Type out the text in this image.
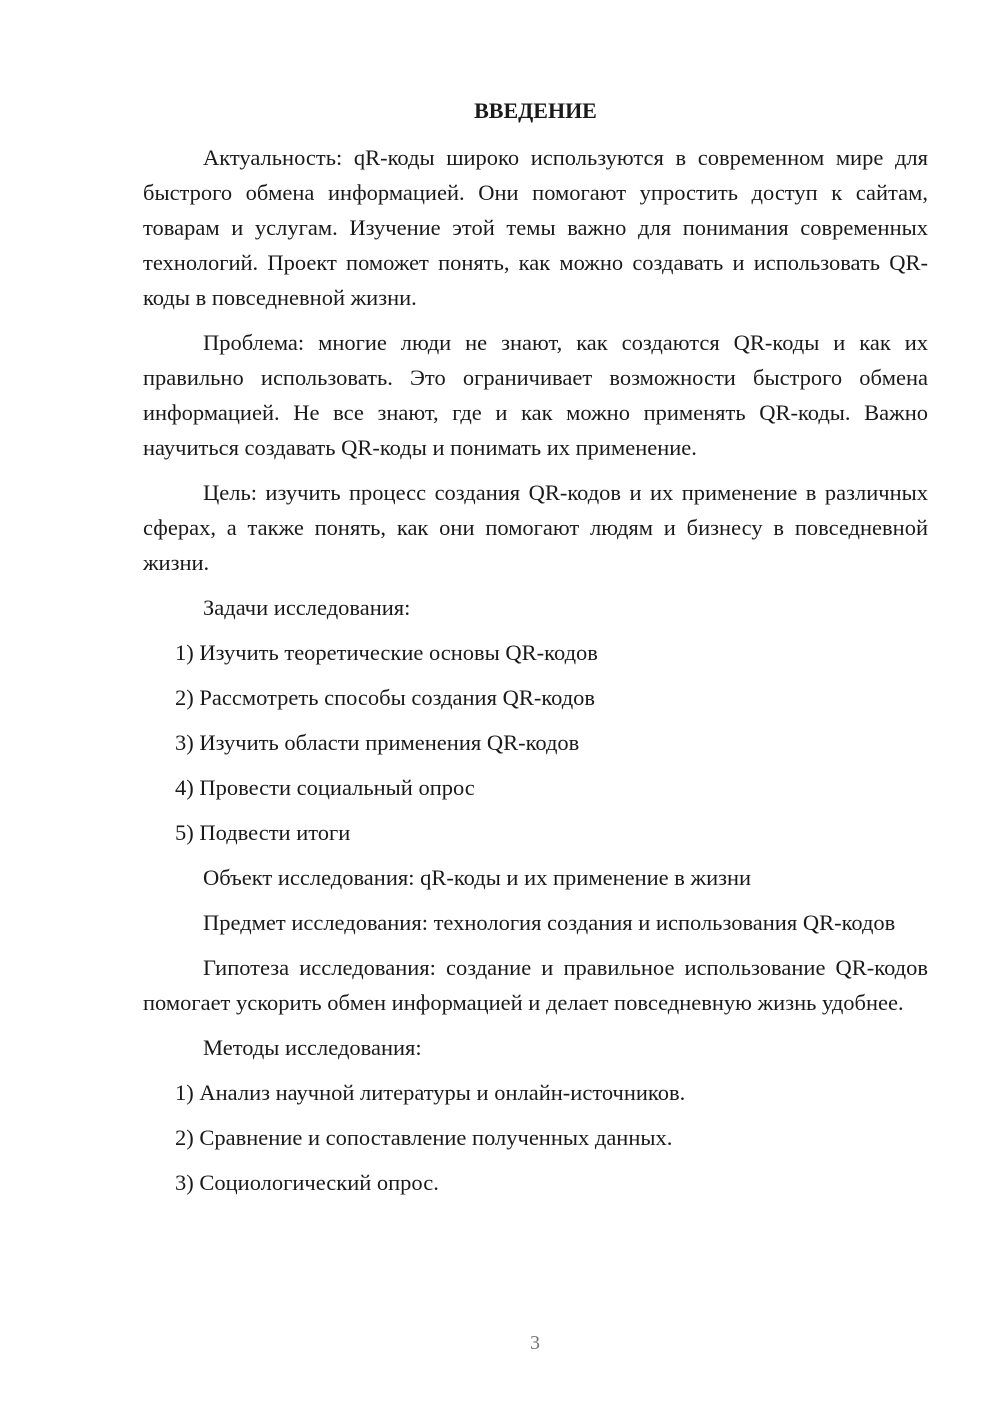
ВВЕДЕНИЕ

Актуальность: qR-коды широко используются в современном мире для быстрого обмена информацией. Они помогают упростить доступ к сайтам, товарам и услугам. Изучение этой темы важно для понимания современных технологий. Проект поможет понять, как можно создавать и использовать QR-коды в повседневной жизни.

Проблема: многие люди не знают, как создаются QR-коды и как их правильно использовать. Это ограничивает возможности быстрого обмена информацией. Не все знают, где и как можно применять QR-коды. Важно научиться создавать QR-коды и понимать их применение.

Цель: изучить процесс создания QR-кодов и их применение в различных сферах, а также понять, как они помогают людям и бизнесу в повседневной жизни.

Задачи исследования:

1) Изучить теоретические основы QR-кодов
2) Рассмотреть способы создания QR-кодов
3) Изучить области применения QR-кодов
4) Провести социальный опрос
5) Подвести итоги

Объект исследования: qR-коды и их применение в жизни

Предмет исследования: технология создания и использования QR-кодов

Гипотеза исследования: создание и правильное использование QR-кодов помогает ускорить обмен информацией и делает повседневную жизнь удобнее.

Методы исследования:

1) Анализ научной литературы и онлайн-источников.
2) Сравнение и сопоставление полученных данных.
3) Социологический опрос.
3
